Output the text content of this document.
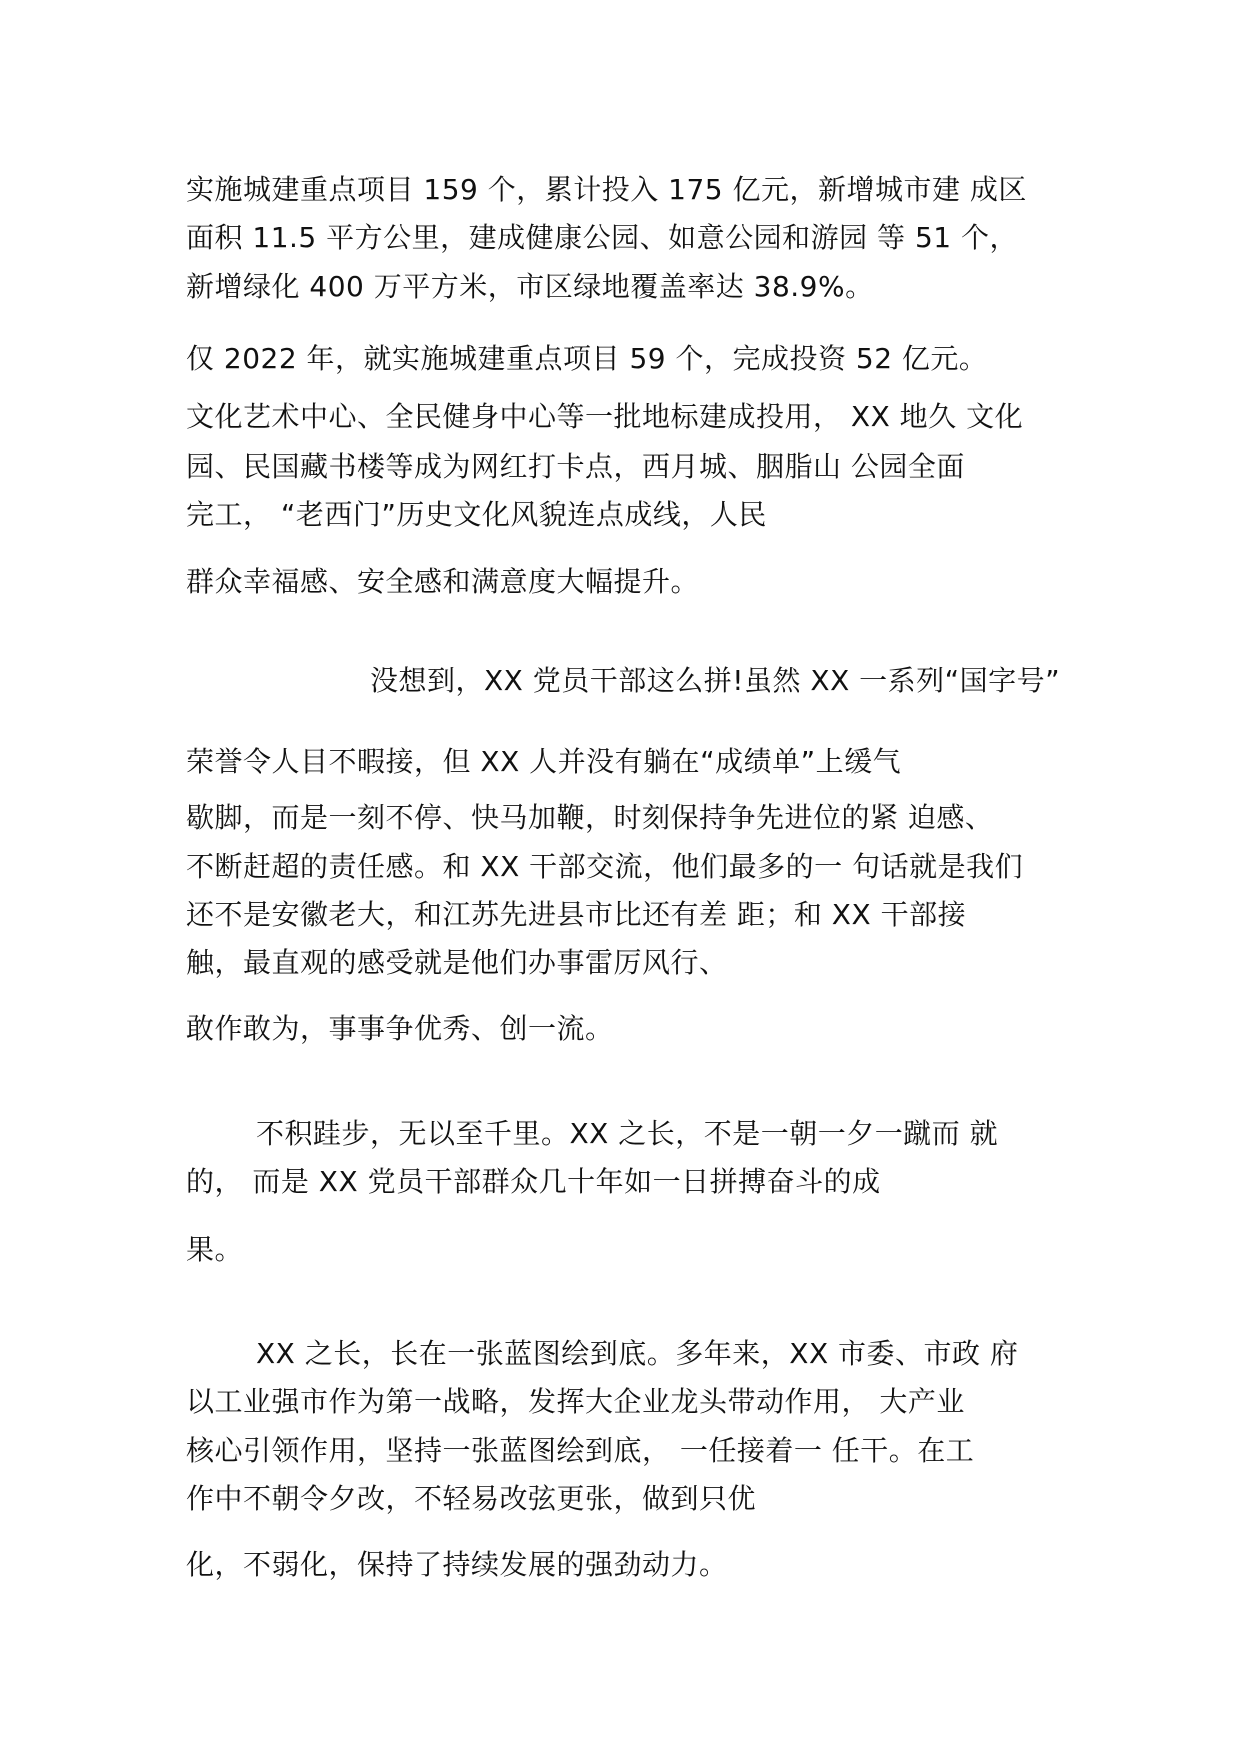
实施城建重点项目 159 个，累计投入 175 亿元，新增城市建 成区
面积 11.5 平方公里，建成健康公园、如意公园和游园 等 51 个，
新增绿化 400 万平方米，市区绿地覆盖率达 38.9%。
仅 2022 年，就实施城建重点项目 59 个，完成投资 52 亿元。
文化艺术中心、全民健身中心等一批地标建成投用， XX 地久 文化
园、民国藏书楼等成为网红打卡点，西月城、胭脂山 公园全面
完工， “老西门”历史文化风貌连点成线，人民
群众幸福感、安全感和满意度大幅提升。
没想到，XX 党员干部这么拼!虽然 XX 一系列“国字号”
荣誉令人目不暇接，但 XX 人并没有躺在“成绩单”上缓气
歇脚，而是一刻不停、快马加鞭，时刻保持争先进位的紧 迫感、
不断赶超的责任感。和 XX 干部交流，他们最多的一 句话就是我们
还不是安徽老大，和江苏先进县市比还有差 距；和 XX 干部接
触，最直观的感受就是他们办事雷厉风行、
敢作敢为，事事争优秀、创一流。
不积跬步，无以至千里。XX 之长，不是一朝一夕一蹴而 就
的， 而是 XX 党员干部群众几十年如一日拼搏奋斗的成
果。
XX 之长，长在一张蓝图绘到底。多年来，XX 市委、市政 府
以工业强市作为第一战略，发挥大企业龙头带动作用， 大产业
核心引领作用，坚持一张蓝图绘到底， 一任接着一 任干。在工
作中不朝令夕改，不轻易改弦更张，做到只优
化，不弱化，保持了持续发展的强劲动力。
